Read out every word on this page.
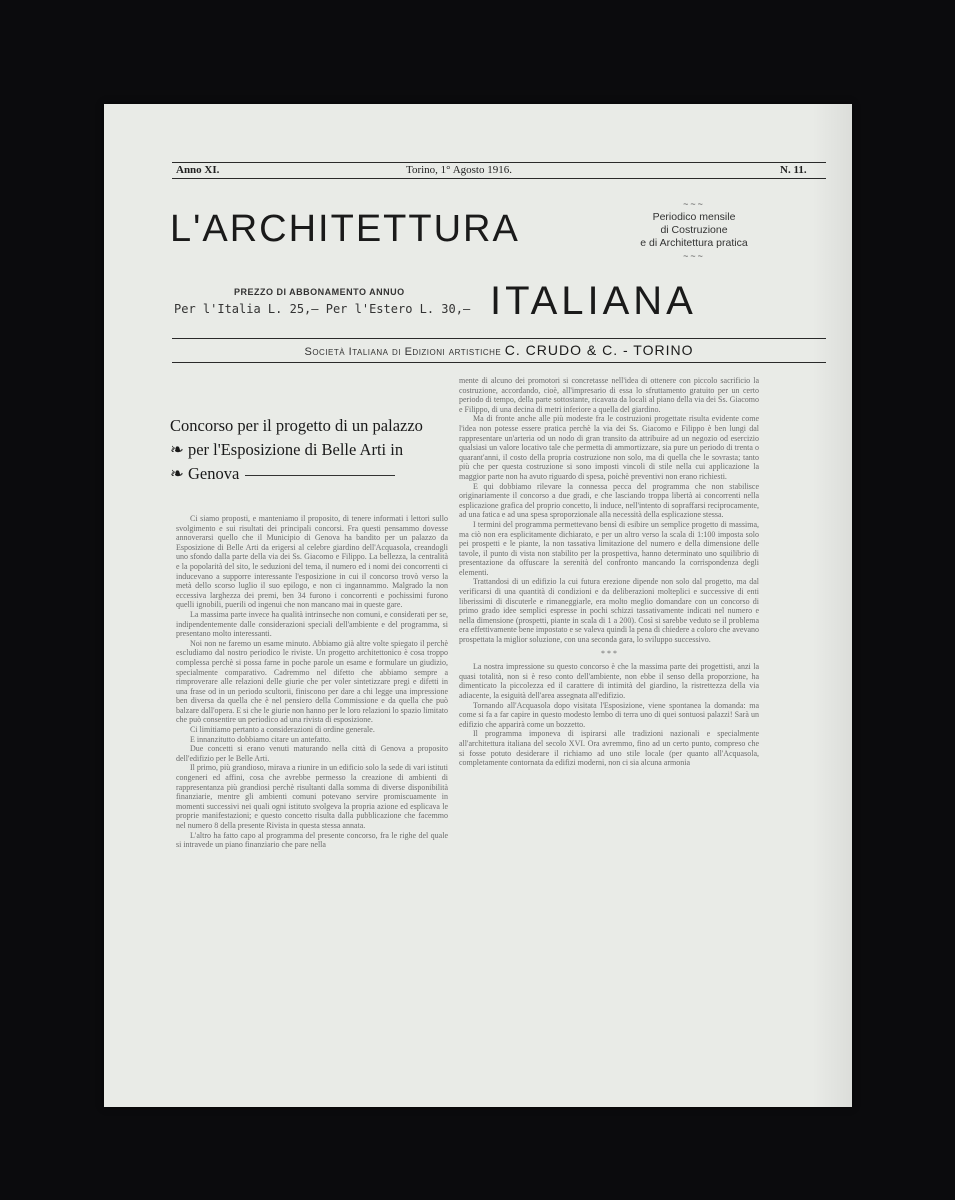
Anno XI.	Torino, 1° Agosto 1916.	N. 11.
L'ARCHITETTURA
~~~
Periodico mensile
di Costruzione
e di Architettura pratica
~~~
PREZZO DI ABBONAMENTO ANNUO
Per l'Italia L. 25,— Per l'Estero L. 30,— ITALIANA
Società Italiana di Edizioni artistiche C. CRUDO & C. - TORINO
Concorso per il progetto di un palazzo
❧ per l'Esposizione di Belle Arti in
❧ Genova

Ci siamo proposti, e manteniamo il proposito, di tenere informati i lettori sullo svolgimento e sui risultati dei principali concorsi. Fra questi pensammo dovesse annoverarsi quello che il Municipio di Genova ha bandito per un palazzo da Esposizione di Belle Arti da erigersi al celebre giardino dell'Acquasola, creandogli uno sfondo dalla parte della via dei Ss. Giacomo e Filippo. La bellezza, la centralità e la popolarità del sito, le seduzioni del tema, il numero ed i nomi dei concorrenti ci inducevano a supporre interessante l'esposizione in cui il concorso trovò verso la metà dello scorso luglio il suo epilogo, e non ci ingannammo. Malgrado la non eccessiva larghezza dei premi, ben 34 furono i concorrenti e pochissimi furono quelli ignobili, puerili od ingenui che non mancano mai in queste gare.

La massima parte invece ha qualità intrinseche non comuni, e considerati per se, indipendentemente dalle considerazioni speciali dell'ambiente e del programma, si presentano molto interessanti.

Noi non ne faremo un esame minuto. Abbiamo già altre volte spiegato il perchè escludiamo dal nostro periodico le riviste. Un progetto architettonico è cosa troppo complessa perchè si possa farne in poche parole un esame e formulare un giudizio, specialmente comparativo. Cadremmo nel difetto che abbiamo sempre a rimproverare alle relazioni delle giurie che per voler sintetizzare pregi e difetti in una frase od in un periodo scultorii, finiscono per dare a chi legge una impressione ben diversa da quella che è nel pensiero della Commissione e da quella che può balzare dall'opera. E si che le giurie non hanno per le loro relazioni lo spazio limitato che può consentire un periodico ad una rivista di esposizione.

Ci limitiamo pertanto a considerazioni di ordine generale.

E innanzitutto dobbiamo citare un antefatto.

Due concetti si erano venuti maturando nella città di Genova a proposito dell'edifizio per le Belle Arti.

Il primo, più grandioso, mirava a riunire in un edificio solo la sede di vari istituti congeneri ed affini, cosa che avrebbe permesso la creazione di ambienti di rappresentanza più grandiosi perchè risultanti dalla somma di diverse disponibilità finanziarie, mentre gli ambienti comuni potevano servire promiscuamente in momenti successivi nei quali ogni istituto svolgeva la propria azione ed esplicava le proprie manifestazioni; e questo concetto risulta dalla pubblicazione che facemmo nel numero 8 della presente Rivista in questa stessa annata.

L'altro ha fatto capo al programma del presente concorso, fra le righe del quale si intravede un piano finanziario che pare nella

mente di alcuno dei promotori si concretasse nell'idea di ottenere con piccolo sacrificio la costruzione, accordando, cioè, all'impresario di essa lo sfruttamento gratuito per un certo periodo di tempo, della parte sottostante, ricavata da locali al piano della via dei Ss. Giacomo e Filippo, di una decina di metri inferiore a quella del giardino.

Ma di fronte anche alle più modeste fra le costruzioni progettate risulta evidente come l'idea non potesse essere pratica perchè la via dei Ss. Giacomo e Filippo è ben lungi dal rappresentare un'arteria od un nodo di gran transito da attribuire ad un negozio od esercizio qualsiasi un valore locativo tale che permetta di ammortizzare, sia pure un periodo di trenta o quarant'anni, il costo della propria costruzione non solo, ma di quella che le sovrasta; tanto più che per questa costruzione si sono imposti vincoli di stile nella cui applicazione la maggior parte non ha avuto riguardo di spesa, poichè preventivi non erano richiesti.

E qui dobbiamo rilevare la connessa pecca del programma che non stabilisce originariamente il concorso a due gradi, e che lasciando troppa libertà ai concorrenti nella esplicazione grafica del proprio concetto, li induce, nell'intento di sopraffarsi reciprocamente, ad una fatica e ad una spesa sproporzionale alla necessità della esplicazione stessa.

I termini del programma permettevano bensì di esibire un semplice progetto di massima, ma ciò non era esplicitamente dichiarato, e per un altro verso la scala di 1:100 imposta solo pei prospetti e le piante, la non tassativa limitazione del numero e della dimensione delle tavole, il punto di vista non stabilito per la prospettiva, hanno determinato uno squilibrio di presentazione da offuscare la serenità del confronto mancando la corrispondenza degli elementi.

Trattandosi di un edifizio la cui futura erezione dipende non solo dal progetto, ma dal verificarsi di una quantità di condizioni e da deliberazioni molteplici e successive di enti liberissimi di discuterle e rimaneggiarle, era molto meglio domandare con un concorso di primo grado idee semplici espresse in pochi schizzi tassativamente indicati nel numero e nella dimensione (prospetti, piante in scala di 1 a 200). Così si sarebbe veduto se il problema era effettivamente bene impostato e se valeva quindi la pena di chiedere a coloro che avevano prospettata la miglior soluzione, con una seconda gara, lo sviluppo successivo.

* * *

La nostra impressione su questo concorso è che la massima parte dei progettisti, anzi la quasi totalità, non si è reso conto dell'ambiente, non ebbe il senso della proporzione, ha dimenticato la piccolezza ed il carattere di intimità del giardino, la ristrettezza della via adiacente, la esiguità dell'area assegnata all'edifizio.

Tornando all'Acquasola dopo visitata l'Esposizione, viene spontanea la domanda: ma come si fa a far capire in questo modesto lembo di terra uno di quei sontuosi palazzi! Sarà un edifizio che apparirà come un bozzetto.

Il programma imponeva di ispirarsi alle tradizioni nazionali e specialmente all'architettura italiana del secolo XVI. Ora avremmo, fino ad un certo punto, compreso che si fosse potuto desiderare il richiamo ad uno stile locale (per quanto all'Acquasola, completamente contornata da edifizi moderni, non ci sia alcuna armonia
